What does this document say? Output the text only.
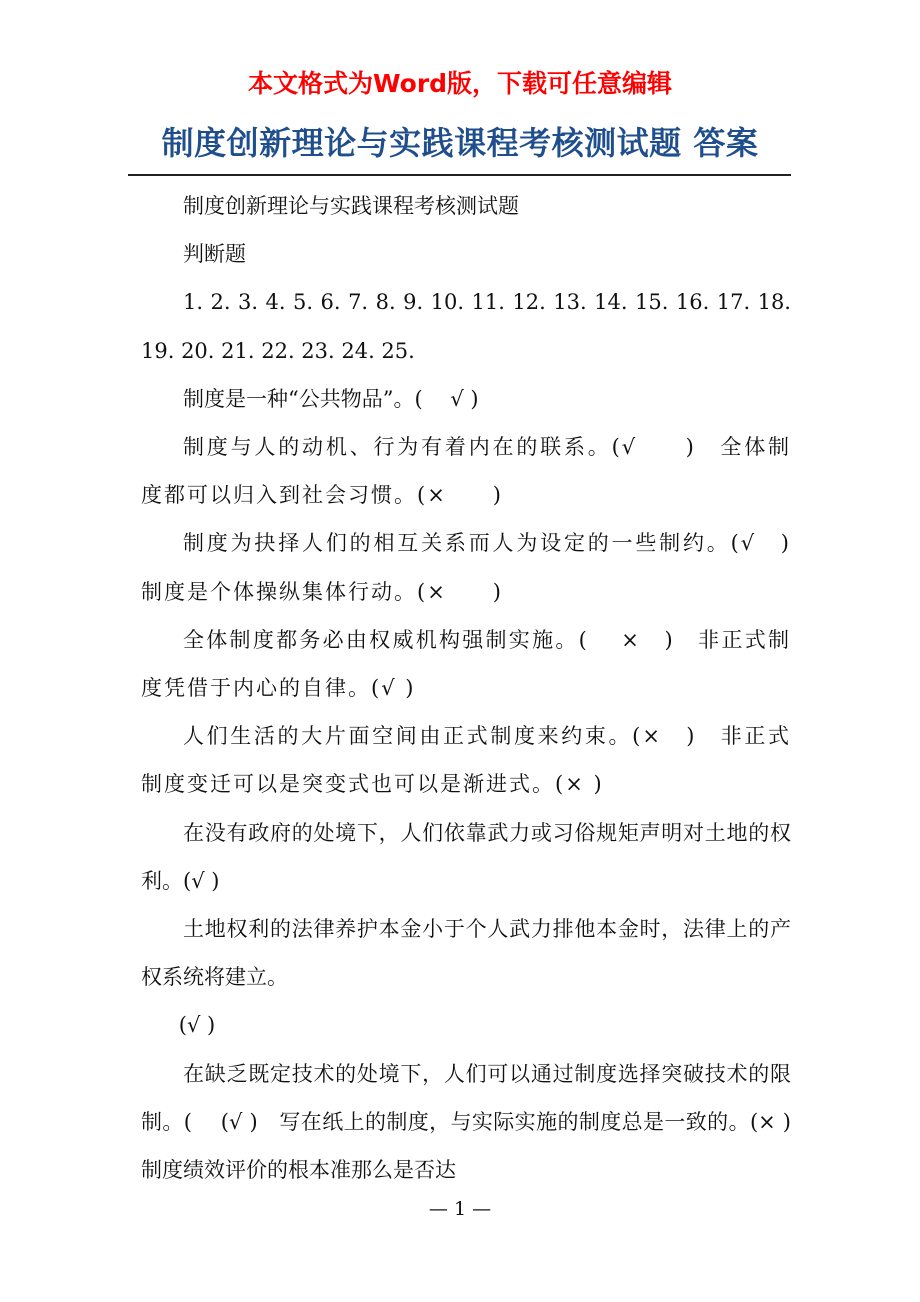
本文格式为Word版，下载可任意编辑
制度创新理论与实践课程考核测试题 答案

制度创新理论与实践课程考核测试题

判断题

1. 2. 3. 4. 5. 6. 7. 8. 9. 10. 11. 12. 13. 14. 15. 16. 17. 18. 19. 20. 21. 22. 23. 24. 25.

制度是一种“公共物品”。(　 √ )

制度与人的动机、行为有着内在的联系。(√　　)　全体制度都可以归入到社会习惯。(×　　)

制度为抉择人们的相互关系而人为设定的一些制约。(√　)　制度是个体操纵集体行动。(×　　)

全体制度都务必由权威机构强制实施。(　 ×　)　非正式制度凭借于内心的自律。(√ )

人们生活的大片面空间由正式制度来约束。(×　)　非正式制度变迁可以是突变式也可以是渐进式。(× )

在没有政府的处境下，人们依靠武力或习俗规矩声明对土地的权利。(√ )

土地权利的法律养护本金小于个人武力排他本金时，法律上的产权系统将建立。

(√ )

在缺乏既定技术的处境下，人们可以通过制度选择突破技术的限制。(　 (√ )　写在纸上的制度，与实际实施的制度总是一致的。(× )　制度绩效评价的根本准那么是否达

— 1 —
